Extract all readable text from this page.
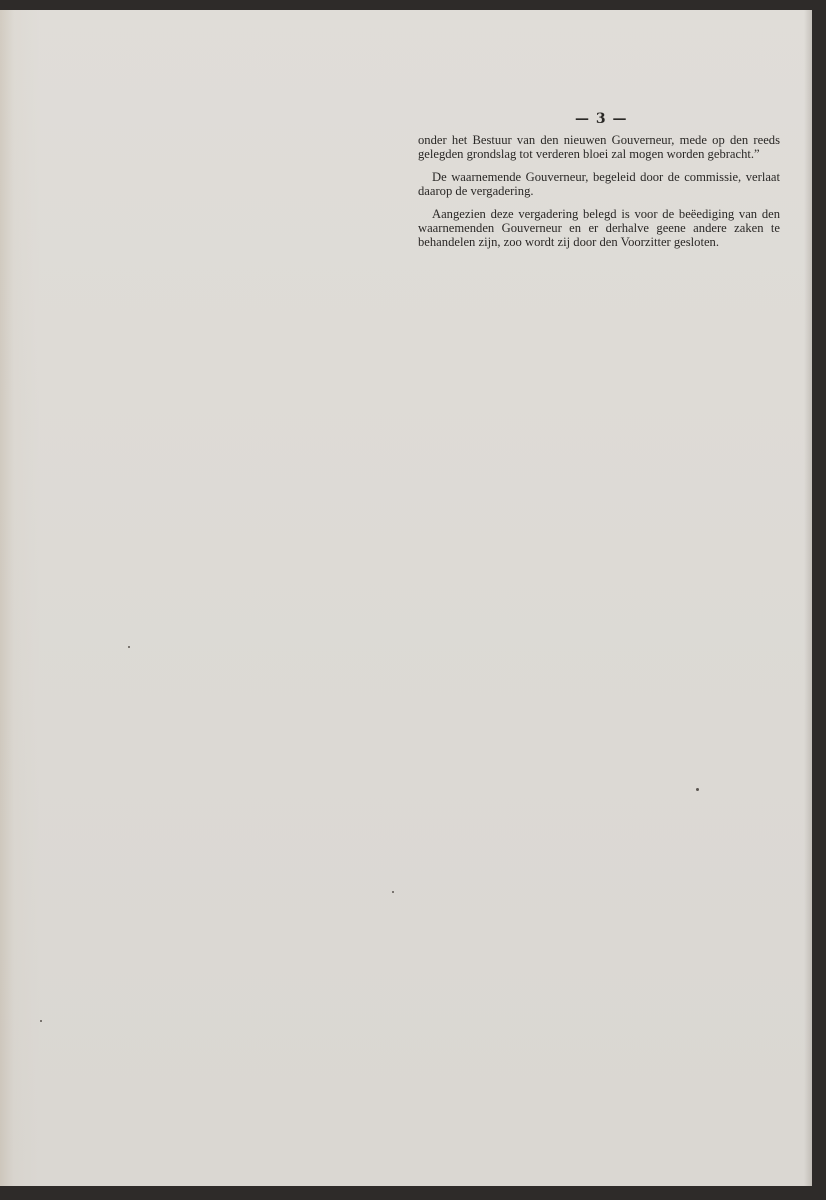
— 3 —

onder het Bestuur van den nieuwen Gouverneur, mede op den reeds gelegden grondslag tot verderen bloei zal mogen worden gebracht.”

De waarnemende Gouverneur, begeleid door de commissie, verlaat daarop de vergadering.

Aangezien deze vergadering belegd is voor de beëediging van den waarnemenden Gouverneur en er derhalve geene andere zaken te behandelen zijn, zoo wordt zij door den Voorzitter gesloten.
